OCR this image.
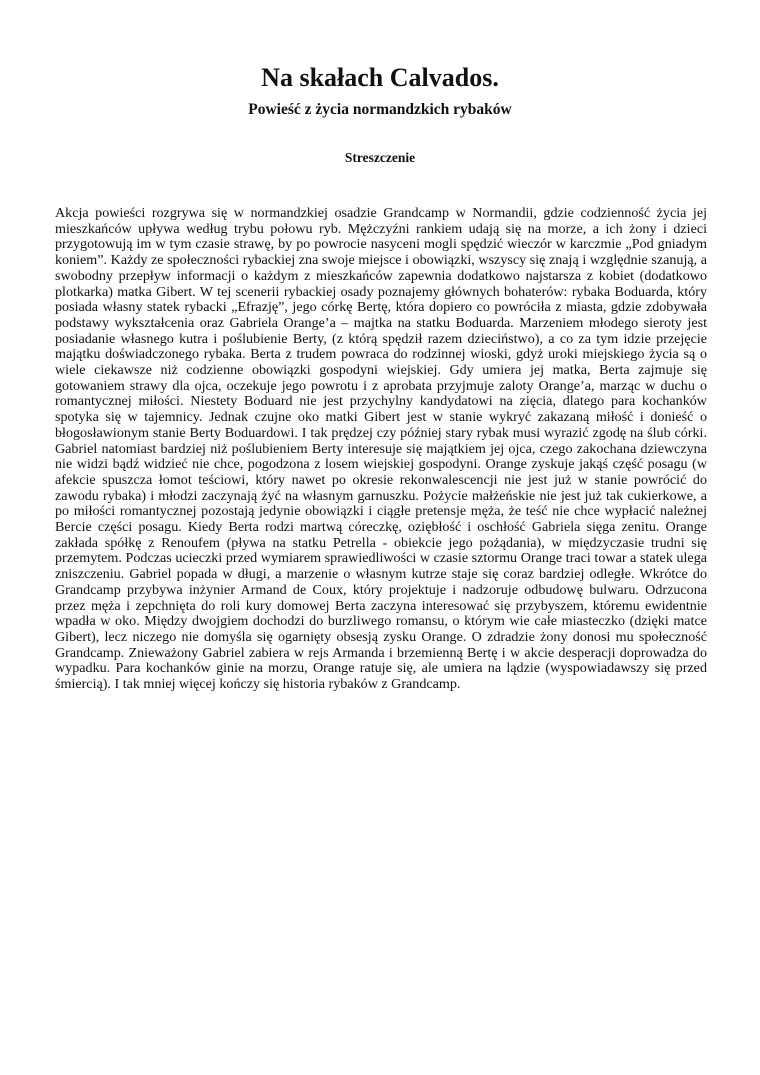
Na skałach Calvados.
Powieść z życia normandzkich rybaków
Streszczenie

Akcja powieści rozgrywa się w normandzkiej osadzie Grandcamp w Normandii, gdzie codzienność życia jej mieszkańców upływa według trybu połowu ryb. Mężczyźni rankiem udają się na morze, a ich żony i dzieci przygotowują im w tym czasie strawę, by po powrocie nasyceni mogli spędzić wieczór w karczmie „Pod gniadym koniem”. Każdy ze społeczności rybackiej zna swoje miejsce i obowiązki, wszyscy się znają i względnie szanują, a swobodny przepływ informacji o każdym z mieszkańców zapewnia dodatkowo najstarsza z kobiet (dodatkowo plotkarka) matka Gibert. W tej scenerii rybackiej osady poznajemy głównych bohaterów: rybaka Boduarda, który posiada własny statek rybacki „Efrazję”, jego córkę Bertę, która dopiero co powróciła z miasta, gdzie zdobywała podstawy wykształcenia oraz Gabriela Orange’a – majtka na statku Boduarda. Marzeniem młodego sieroty jest posiadanie własnego kutra i poślubienie Berty, (z którą spędził razem dzieciństwo), a co za tym idzie przejęcie majątku doświadczonego rybaka. Berta z trudem powraca do rodzinnej wioski, gdyż uroki miejskiego życia są o wiele ciekawsze niż codzienne obowiązki gospodyni wiejskiej. Gdy umiera jej matka, Berta zajmuje się gotowaniem strawy dla ojca, oczekuje jego powrotu i z aprobata przyjmuje zaloty Orange’a, marząc w duchu o romantycznej miłości. Niestety Boduard nie jest przychylny kandydatowi na zięcia, dlatego para kochanków spotyka się w tajemnicy. Jednak czujne oko matki Gibert jest w stanie wykryć zakazaną miłość i donieść o błogosławionym stanie Berty Boduardowi. I tak prędzej czy później stary rybak musi wyrazić zgodę na ślub córki. Gabriel natomiast bardziej niż poślubieniem Berty interesuje się majątkiem jej ojca, czego zakochana dziewczyna nie widzi bądź widzieć nie chce, pogodzona z losem wiejskiej gospodyni. Orange zyskuje jakąś część posagu (w afekcie spuszcza łomot teściowi, który nawet po okresie rekonwalescencji nie jest już w stanie powrócić do zawodu rybaka) i młodzi zaczynają żyć na własnym garnuszku. Pożycie małżeńskie nie jest już tak cukierkowe, a po miłości romantycznej pozostają jedynie obowiązki i ciągłe pretensje męża, że teść nie chce wypłacić należnej Bercie części posagu. Kiedy Berta rodzi martwą córeczkę, oziębłość i oschłość Gabriela sięga zenitu. Orange zakłada spółkę z Renoufem (pływa na statku Petrella - obiekcie jego pożądania), w międzyczasie trudni się przemytem. Podczas ucieczki przed wymiarem sprawiedliwości w czasie sztormu Orange traci towar a statek ulega zniszczeniu. Gabriel popada w długi, a marzenie o własnym kutrze staje się coraz bardziej odległe. Wkrótce do Grandcamp przybywa inżynier Armand de Coux, który projektuje i nadzoruje odbudowę bulwaru. Odrzucona przez męża i zepchnięta do roli kury domowej Berta zaczyna interesować się przybyszem, któremu ewidentnie wpadła w oko. Między dwojgiem dochodzi do burzliwego romansu, o którym wie całe miasteczko (dzięki matce Gibert), lecz niczego nie domyśla się ogarnięty obsesją zysku Orange. O zdradzie żony donosi mu społeczność Grandcamp. Znieważony Gabriel zabiera w rejs Armanda i brzemienną Bertę i w akcie desperacji doprowadza do wypadku. Para kochanków ginie na morzu, Orange ratuje się, ale umiera na lądzie (wyspowiadawszy się przed śmiercią). I tak mniej więcej kończy się historia rybaków z Grandcamp.
